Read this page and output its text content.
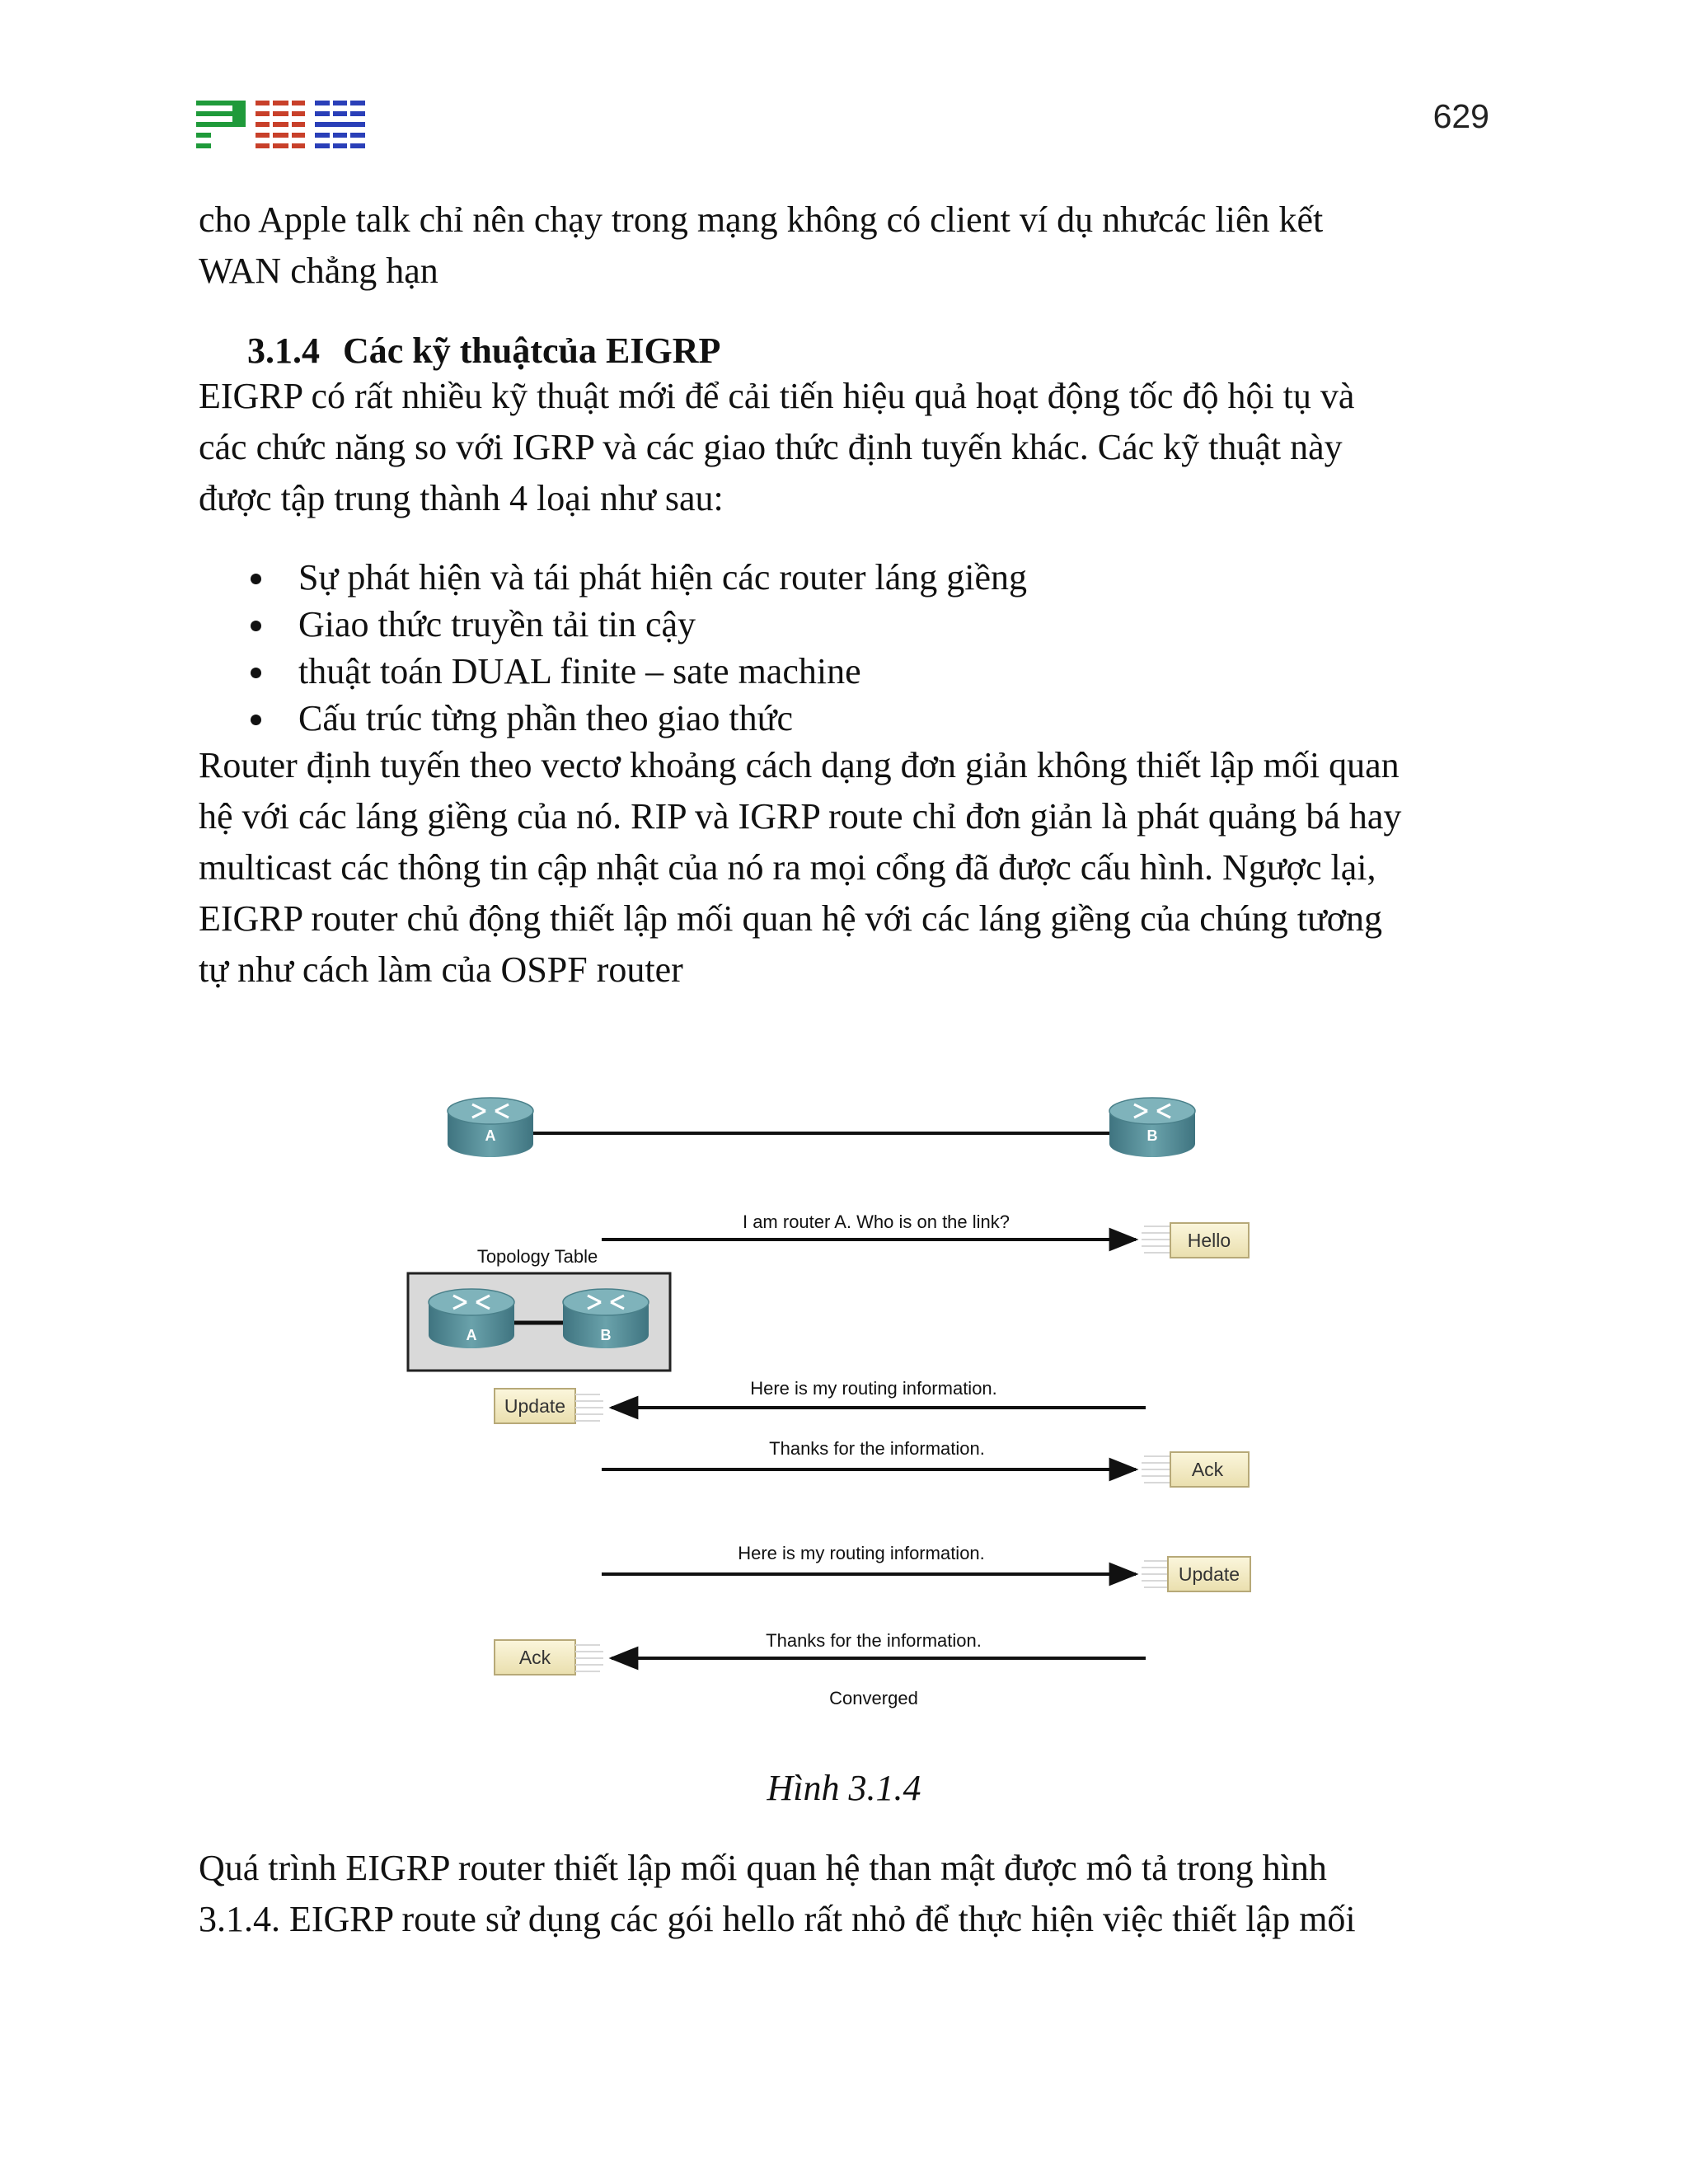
629

cho Apple talk chỉ nên chạy trong mạng không có client ví dụ nhưcác liên kết

WAN chẳng hạn

3.1.4 Các kỹ thuậtcủa EIGRP

EIGRP có rất nhiều kỹ thuật mới để cải tiến hiệu quả hoạt động tốc độ hội tụ và

các chức năng so với IGRP và các giao thức định tuyến khác. Các kỹ thuật này

được tập trung thành 4 loại như sau:

Sự phát hiện và tái phát hiện các router láng giềng
Giao thức truyền tải tin cậy
thuật toán DUAL finite – sate machine
Cấu trúc từng phần theo giao thức

Router định tuyến theo vectơ khoảng cách dạng đơn giản không thiết lập mối quan

hệ với các láng giềng của nó. RIP và IGRP route chỉ đơn giản là phát quảng bá hay

multicast các thông tin cập nhật của nó ra mọi cổng đã được cấu hình. Ngược lại,

EIGRP router chủ động thiết lập mối quan hệ với các láng giềng của chúng tương

tự như cách làm của OSPF router

A	B
I am router A. Who is on the link?
Hello
Topology Table
A	B
Here is my routing information.
Update
Thanks for the information.
Ack
Here is my routing information.
Update
Thanks for the information.
Ack
Converged
Hình 3.1.4

Quá trình EIGRP router thiết lập mối quan hệ than mật được mô tả trong hình

3.1.4. EIGRP route sử dụng các gói hello rất nhỏ để thực hiện việc thiết lập mối
